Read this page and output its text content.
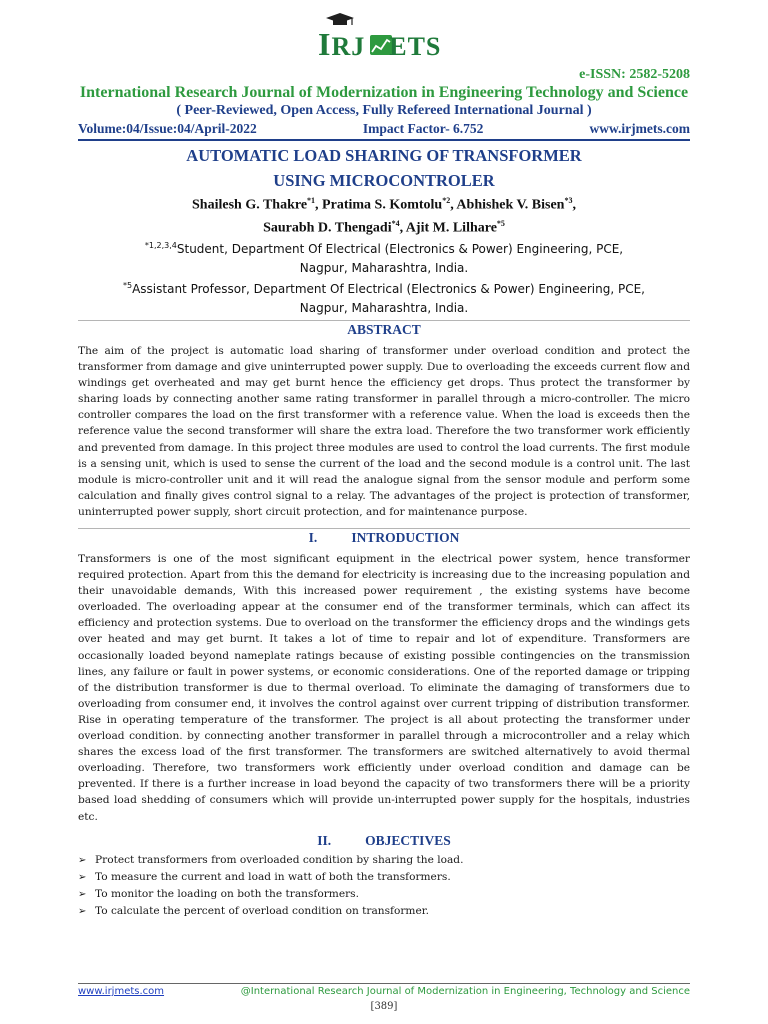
IRJ ETS
e-ISSN: 2582-5208
International Research Journal of Modernization in Engineering Technology and Science
( Peer-Reviewed, Open Access, Fully Refereed International Journal )
Volume:04/Issue:04/April-2022	Impact Factor- 6.752	www.irjmets.com
AUTOMATIC LOAD SHARING OF TRANSFORMER
USING MICROCONTROLER
Shailesh G. Thakre$^{*1}$, Pratima S. Komtolu$^{*2}$, Abhishek V. Bisen$^{*3}$,
Saurabh D. Thengadi$^{*4}$, Ajit M. Lilhare$^{*5}$
$^{*1,2,3,4}$Student, Department Of Electrical (Electronics & Power) Engineering, PCE,
Nagpur, Maharashtra, India.
$^{*5}$Assistant Professor, Department Of Electrical (Electronics & Power) Engineering, PCE,
Nagpur, Maharashtra, India.
ABSTRACT
The aim of the project is automatic load sharing of transformer under overload condition and protect the transformer from damage and give uninterrupted power supply. Due to overloading the exceeds current flow and windings get overheated and may get burnt hence the efficiency get drops. Thus protect the transformer by sharing loads by connecting another same rating transformer in parallel through a micro-controller. The micro controller compares the load on the first transformer with a reference value. When the load is exceeds then the reference value the second transformer will share the extra load. Therefore the two transformer work efficiently and prevented from damage. In this project three modules are used to control the load currents. The first module is a sensing unit, which is used to sense the current of the load and the second module is a control unit. The last module is micro-controller unit and it will read the analogue signal from the sensor module and perform some calculation and finally gives control signal to a relay. The advantages of the project is protection of transformer, uninterrupted power supply, short circuit protection, and for maintenance purpose.
I.	INTRODUCTION
Transformers is one of the most significant equipment in the electrical power system, hence transformer required protection. Apart from this the demand for electricity is increasing due to the increasing population and their unavoidable demands, With this increased power requirement , the existing systems have become overloaded. The overloading appear at the consumer end of the transformer terminals, which can affect its efficiency and protection systems. Due to overload on the transformer the efficiency drops and the windings gets over heated and may get burnt. It takes a lot of time to repair and lot of expenditure. Transformers are occasionally loaded beyond nameplate ratings because of existing possible contingencies on the transmission lines, any failure or fault in power systems, or economic considerations. One of the reported damage or tripping of the distribution transformer is due to thermal overload. To eliminate the damaging of transformers due to overloading from consumer end, it involves the control against over current tripping of distribution transformer. Rise in operating temperature of the transformer. The project is all about protecting the transformer under overload condition. by connecting another transformer in parallel through a microcontroller and a relay which shares the excess load of the first transformer. The transformers are switched alternatively to avoid thermal overloading. Therefore, two transformers work efficiently under overload condition and damage can be prevented. If there is a further increase in load beyond the capacity of two transformers there will be a priority based load shedding of consumers which will provide un-interrupted power supply for the hospitals, industries etc.
II.	OBJECTIVES
➢ Protect transformers from overloaded condition by sharing the load.
➢ To measure the current and load in watt of both the transformers.
➢ To monitor the loading on both the transformers.
➢ To calculate the percent of overload condition on transformer.
www.irjmets.com	@International Research Journal of Modernization in Engineering, Technology and Science
[389]
